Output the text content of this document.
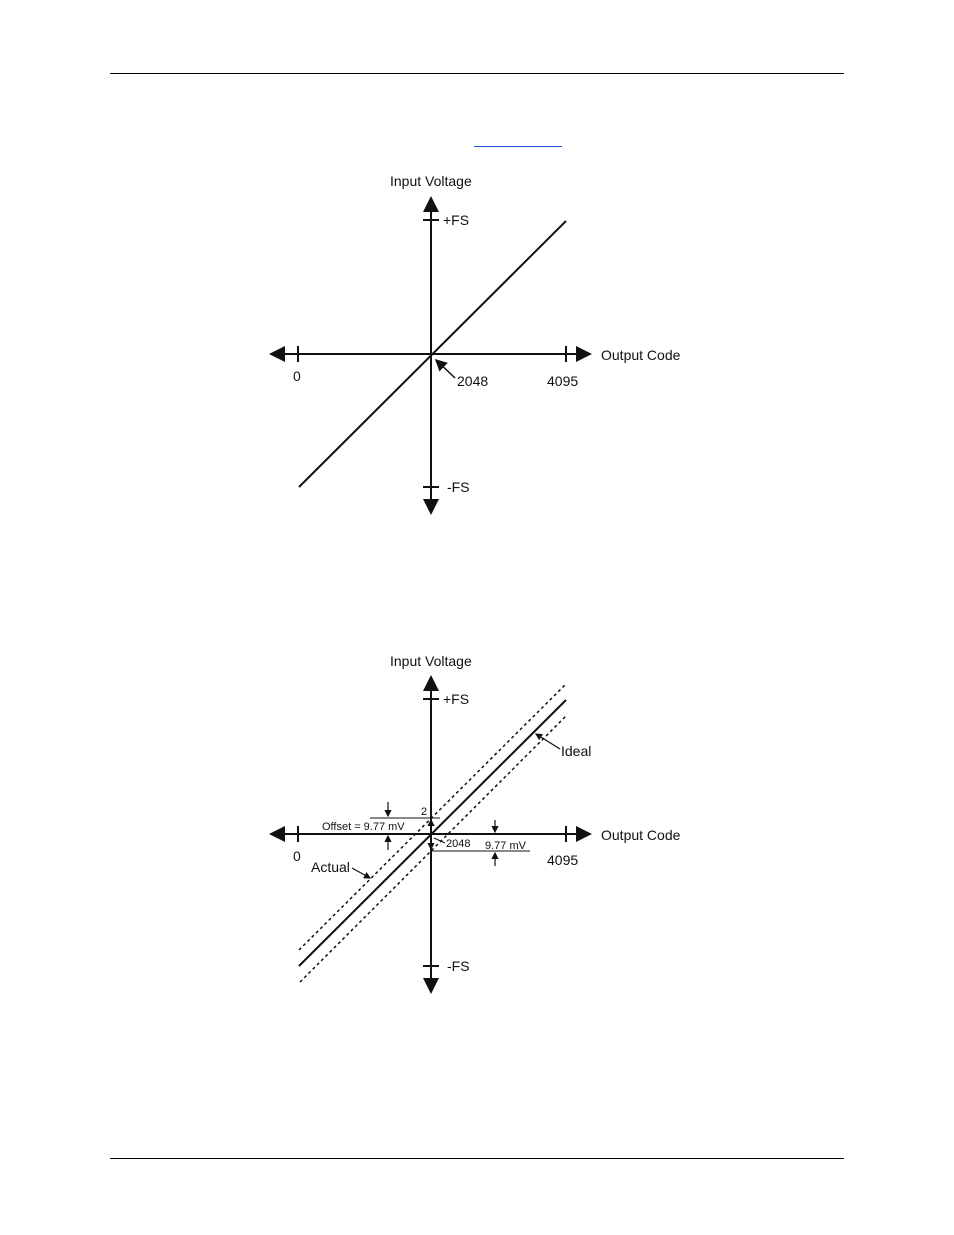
Input Voltage
Output Code
+FS
-FS
0	2048	4095
Input Voltage
Output Code
+FS
-FS
0	4095
2048
2
Offset = 9.77 mV
9.77 mV
Ideal
Actual
